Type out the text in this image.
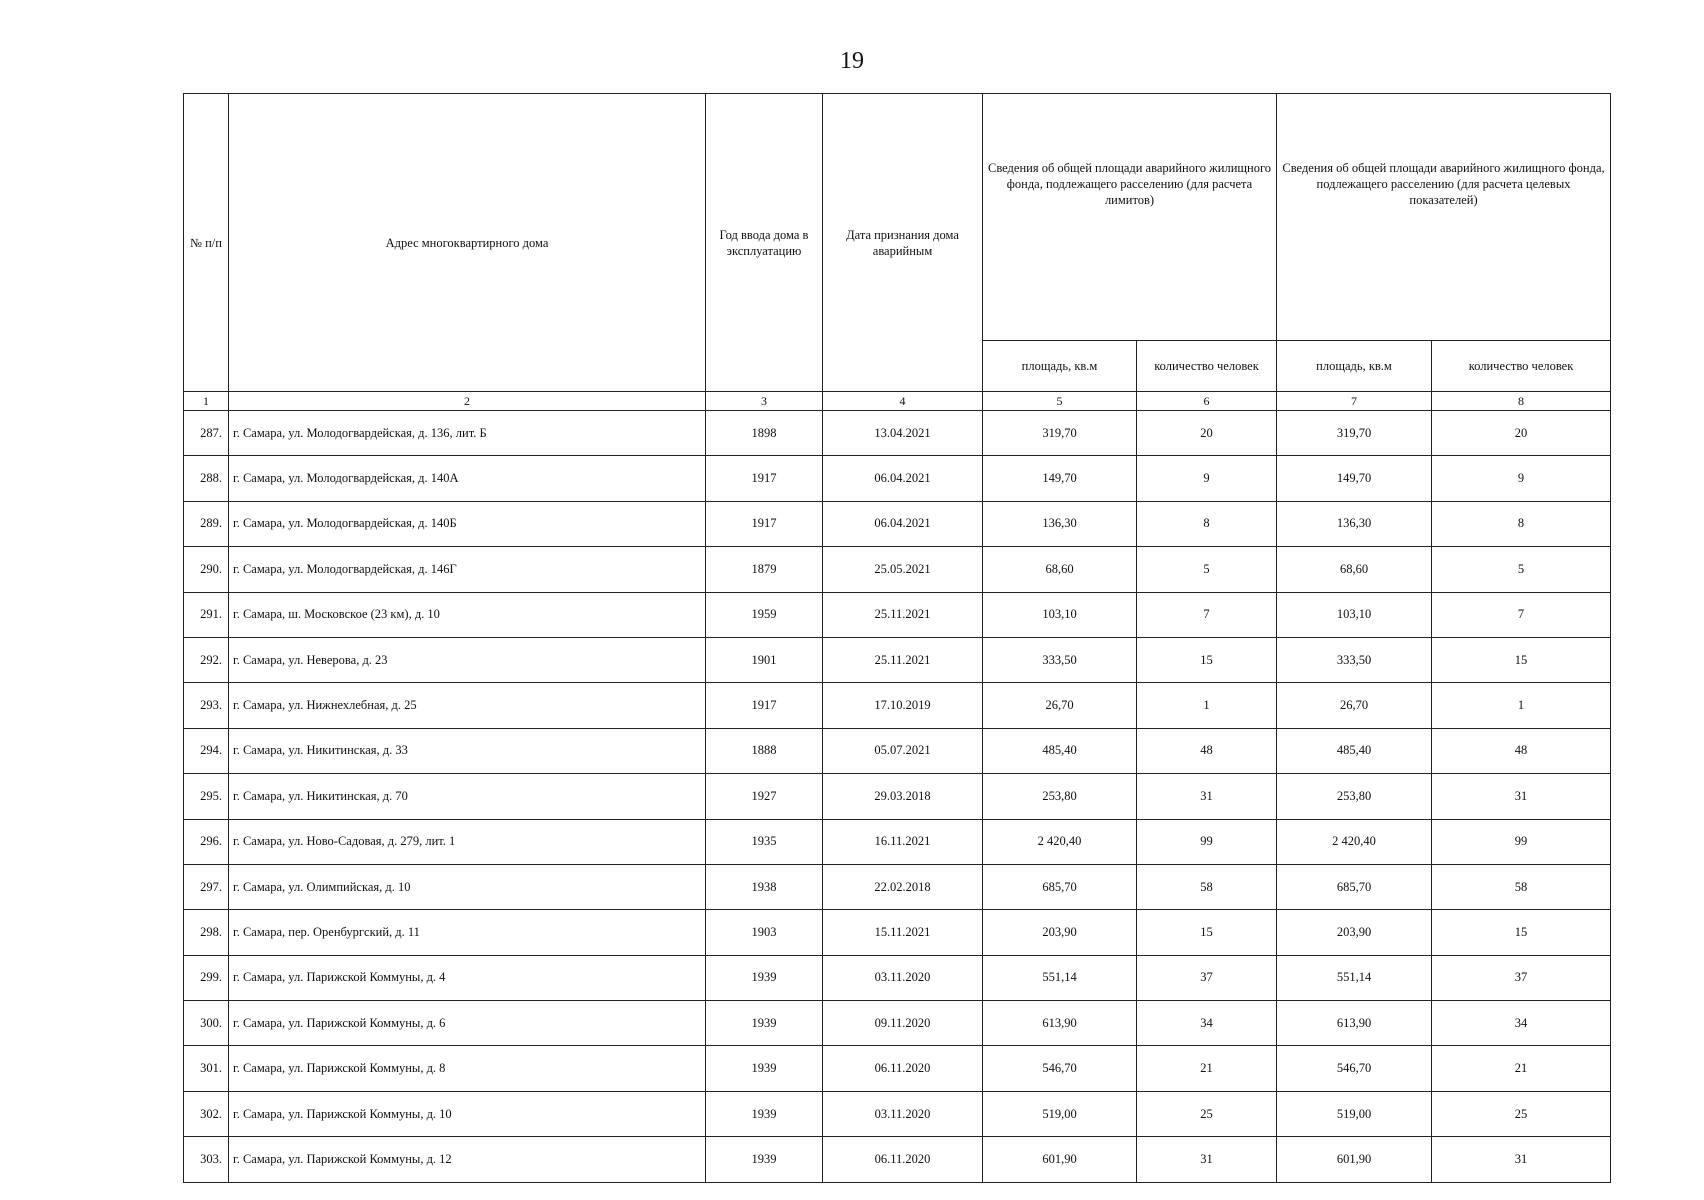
19
№ п/п	Адрес многоквартирного дома	Год ввода дома в эксплуатацию	Дата признания дома аварийным	Сведения об общей площади аварийного жилищного фонда, подлежащего расселению (для расчета лимитов)		Сведения об общей площади аварийного жилищного фонда, подлежащего расселению (для расчета целевых показателей)	
				площадь, кв.м	количество человек	площадь, кв.м	количество человек
1	2	3	4	5	6	7	8
287.	г. Самара, ул. Молодогвардейская, д. 136, лит. Б	1898	13.04.2021	319,70	20	319,70	20
288.	г. Самара, ул. Молодогвардейская, д. 140А	1917	06.04.2021	149,70	9	149,70	9
289.	г. Самара, ул. Молодогвардейская, д. 140Б	1917	06.04.2021	136,30	8	136,30	8
290.	г. Самара, ул. Молодогвардейская, д. 146Г	1879	25.05.2021	68,60	5	68,60	5
291.	г. Самара, ш. Московское (23 км), д. 10	1959	25.11.2021	103,10	7	103,10	7
292.	г. Самара, ул. Неверова, д. 23	1901	25.11.2021	333,50	15	333,50	15
293.	г. Самара, ул. Нижнехлебная, д. 25	1917	17.10.2019	26,70	1	26,70	1
294.	г. Самара, ул. Никитинская, д. 33	1888	05.07.2021	485,40	48	485,40	48
295.	г. Самара, ул. Никитинская, д. 70	1927	29.03.2018	253,80	31	253,80	31
296.	г. Самара, ул. Ново-Садовая, д. 279, лит. 1	1935	16.11.2021	2 420,40	99	2 420,40	99
297.	г. Самара, ул. Олимпийская, д. 10	1938	22.02.2018	685,70	58	685,70	58
298.	г. Самара, пер. Оренбургский, д. 11	1903	15.11.2021	203,90	15	203,90	15
299.	г. Самара, ул. Парижской Коммуны, д. 4	1939	03.11.2020	551,14	37	551,14	37
300.	г. Самара, ул. Парижской Коммуны, д. 6	1939	09.11.2020	613,90	34	613,90	34
301.	г. Самара, ул. Парижской Коммуны, д. 8	1939	06.11.2020	546,70	21	546,70	21
302.	г. Самара, ул. Парижской Коммуны, д. 10	1939	03.11.2020	519,00	25	519,00	25
303.	г. Самара, ул. Парижской Коммуны, д. 12	1939	06.11.2020	601,90	31	601,90	31
